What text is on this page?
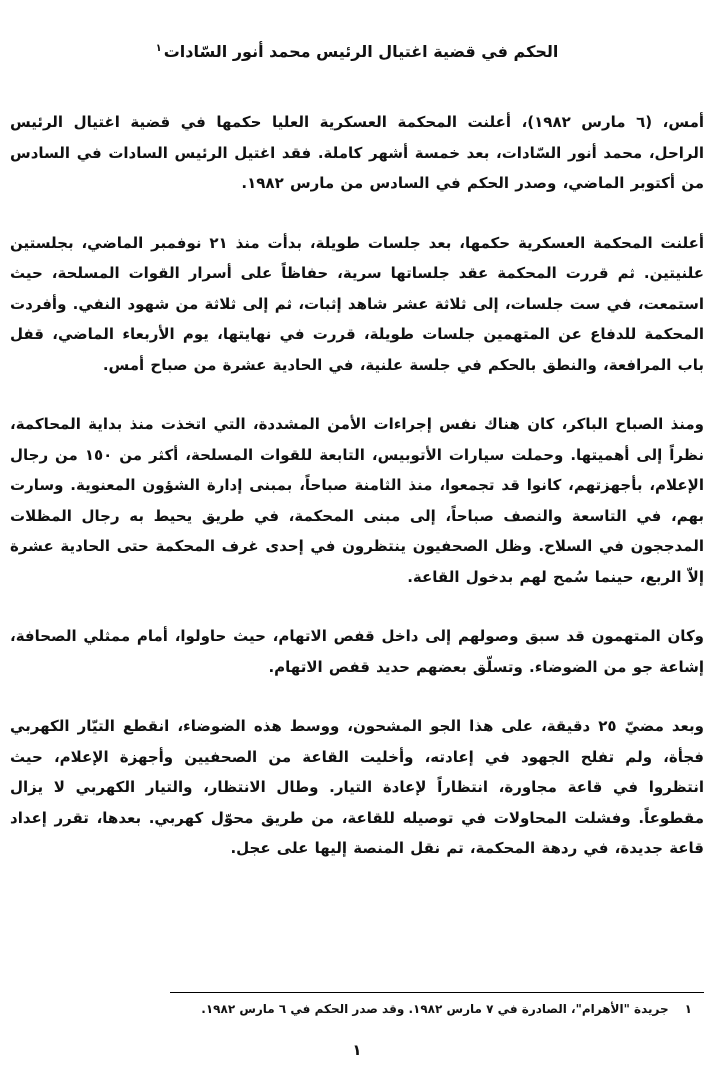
الحكم في قضية اغتيال الرئيس محمد أنور السّادات$^١$

أمس، (٦ مارس ١٩٨٢)، أعلنت المحكمة العسكرية العليا حكمها في قضية اغتيال الرئيس الراحل، محمد أنور السّادات، بعد خمسة أشهر كاملة. فقد اغتيل الرئيس السادات في السادس من أكتوبر الماضي، وصدر الحكم في السادس من مارس ١٩٨٢.

أعلنت المحكمة العسكرية حكمها، بعد جلسات طويلة، بدأت منذ ٢١ نوفمبر الماضي، بجلستين علنيتين. ثم قررت المحكمة عقد جلساتها سرية، حفاظاً على أسرار القوات المسلحة، حيث استمعت، في ست جلسات، إلى ثلاثة عشر شاهد إثبات، ثم إلى ثلاثة من شهود النفي. وأفردت المحكمة للدفاع عن المتهمين جلسات طويلة، قررت في نهايتها، يوم الأربعاء الماضي، قفل باب المرافعة، والنطق بالحكم في جلسة علنية، في الحادية عشرة من صباح أمس.

ومنذ الصباح الباكر، كان هناك نفس إجراءات الأمن المشددة، التي اتخذت منذ بداية المحاكمة، نظراً إلى أهميتها. وحملت سيارات الأتوبيس، التابعة للقوات المسلحة، أكثر من ١٥٠ من رجال الإعلام، بأجهزتهم، كانوا قد تجمعوا، منذ الثامنة صباحاً، بمبنى إدارة الشؤون المعنوية. وسارت بهم، في التاسعة والنصف صباحاً، إلى مبنى المحكمة، في طريق يحيط به رجال المظلات المدججون في السلاح. وظل الصحفيون ينتظرون في إحدى غرف المحكمة حتى الحادية عشرة إلاّ الربع، حينما سُمح لهم بدخول القاعة.

وكان المتهمون قد سبق وصولهم إلى داخل قفص الاتهام، حيث حاولوا، أمام ممثلي الصحافة، إشاعة جو من الضوضاء. وتسلّق بعضهم حديد قفص الاتهام.

وبعد مضيّ ٢٥ دقيقة، على هذا الجو المشحون، ووسط هذه الضوضاء، انقطع التيّار الكهربي فجأة، ولم تفلح الجهود في إعادته، وأخليت القاعة من الصحفيين وأجهزة الإعلام، حيث انتظروا في قاعة مجاورة، انتظاراً لإعادة التيار. وطال الانتظار، والتيار الكهربي لا يزال مقطوعاً. وفشلت المحاولات في توصيله للقاعة، من طريق محوّل كهربي. بعدها، تقرر إعداد قاعة جديدة، في ردهة المحكمة، تم نقل المنصة إليها على عجل.

١جريدة "الأهرام"، الصادرة في ٧ مارس ١٩٨٢. وقد صدر الحكم في ٦ مارس ١٩٨٢.

١
